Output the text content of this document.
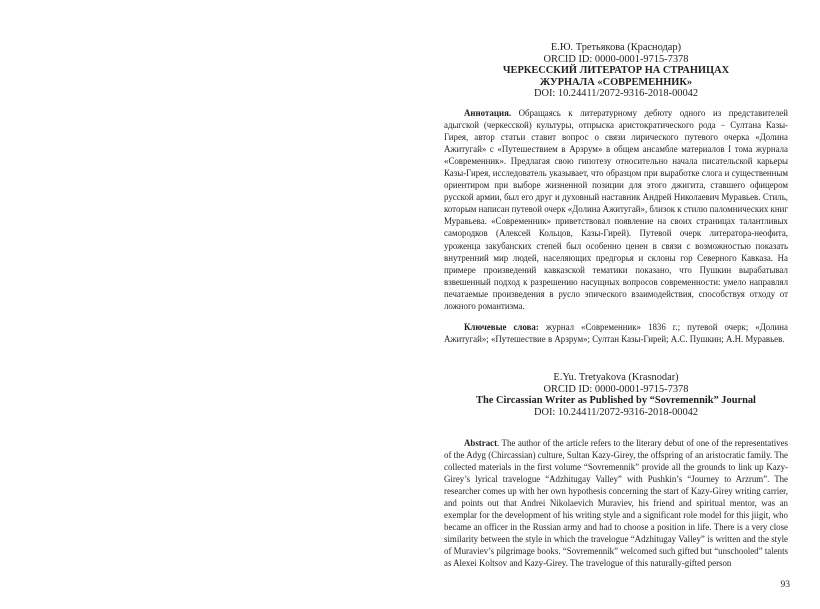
Е.Ю. Третьякова (Краснодар)
ORCID ID: 0000-0001-9715-7378
ЧЕРКЕССКИЙ ЛИТЕРАТОР НА СТРАНИЦАХ
ЖУРНАЛА «СОВРЕМЕННИК»
DOI: 10.24411/2072-9316-2018-00042

Аннотация. Обращаясь к литературному дебюту одного из представителей адыгской (черкесской) культуры, отпрыска аристократического рода − Султана Казы-Гирея, автор статьи ставит вопрос о связи лирического путевого очерка «Долина Ажитугай» с «Путешествием в Арзрум» в общем ансамбле материалов I тома журнала «Современник». Предлагая свою гипотезу относительно начала писательской карьеры Казы-Гирея, исследователь указывает, что образцом при выработке слога и существенным ориентиром при выборе жизненной позиции для этого джигита, ставшего офицером русской армии, был его друг и духовный наставник Андрей Николаевич Муравьев. Стиль, которым написан путевой очерк «Долина Ажитугай», близок к стилю паломнических книг Муравьева. «Современник» приветствовал появление на своих страницах талантливых самородков (Алексей Кольцов, Казы-Гирей). Путевой очерк литератора-неофита, уроженца закубанских степей был особенно ценен в связи с возможностью показать внутренний мир людей, населяющих предгорья и склоны гор Северного Кавказа. На примере произведений кавказской тематики показано, что Пушкин вырабатывал взвешенный подход к разрешению насущных вопросов современности: умело направлял печатаемые произведения в русло эпического взаимодействия, способствуя отходу от ложного романтизма.

Ключевые слова: журнал «Современник» 1836 г.; путевой очерк; «Долина Ажитугай»; «Путешествие в Арзрум»; Султан Казы-Гирей; А.С. Пушкин; А.Н. Муравьев.

E.Yu. Tretyakova (Krasnodar)
ORCID ID: 0000-0001-9715-7378
The Circassian Writer as Published by “Sovremennik” Journal
DOI: 10.24411/2072-9316-2018-00042

Abstract. The author of the article refers to the literary debut of one of the representatives of the Adyg (Chircassian) culture, Sultan Kazy-Girey, the offspring of an aristocratic family. The collected materials in the first volume “Sovremennik” provide all the grounds to link up Kazy-Girey’s lyrical travelogue “Adzhitugay Valley” with Pushkin’s “Journey to Arzrum”. The researcher comes up with her own hypothesis concerning the start of Kazy-Girey writing carrier, and points out that Andrei Nikolaevich Muraviev, his friend and spiritual mentor, was an exemplar for the development of his writing style and a significant role model for this jiigit, who became an officer in the Russian army and had to choose a position in life. There is a very close similarity between the style in which the travelogue “Adzhitugay Valley” is written and the style of Muraviev’s pilgrimage books. “Sovremennik” welcomed such gifted but “unschooled” talents as Alexei Koltsov and Kazy-Girey. The travelogue of this naturally-gifted person

93
